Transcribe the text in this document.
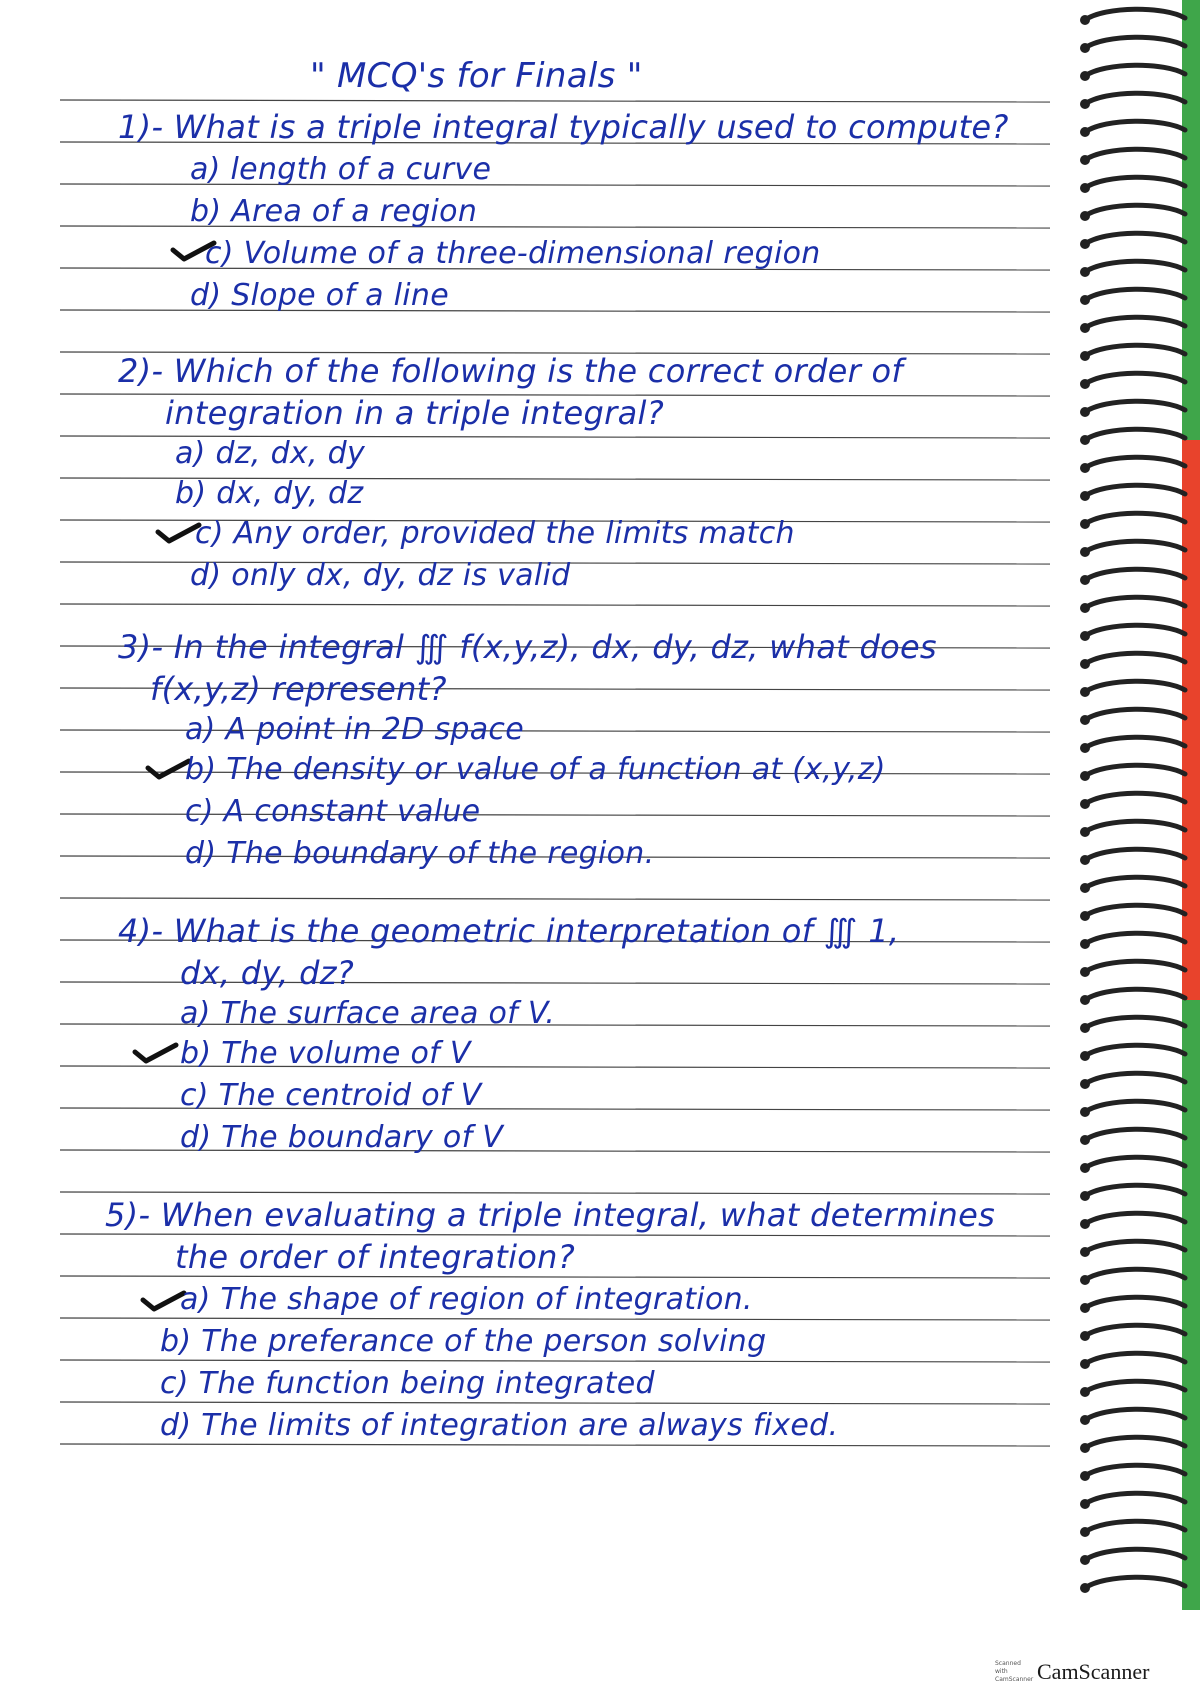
" MCQ's for Finals "
1)- What is a triple integral typically used to compute?
a) length of a curve
b) Area of a region
c) Volume of a three-dimensional region
d) Slope of a line
2)- Which of the following is the correct order of
integration in a triple integral?
a) dz, dx, dy
b) dx, dy, dz
c) Any order, provided the limits match
d) only dx, dy, dz is valid
3)- In the integral ∭ f(x,y,z), dx, dy, dz, what does
f(x,y,z) represent?
a) A point in 2D space
b) The density or value of a function at (x,y,z)
c) A constant value
d) The boundary of the region.
4)- What is the geometric interpretation of ∭ 1,
dx, dy, dz?
a) The surface area of V.
b) The volume of V
c) The centroid of V
d) The boundary of V
5)- When evaluating a triple integral, what determines
the order of integration?
a) The shape of region of integration.
b) The preferance of the person solving
c) The function being integrated
d) The limits of integration are always fixed.
Scanned with
CamScanner CamScanner
